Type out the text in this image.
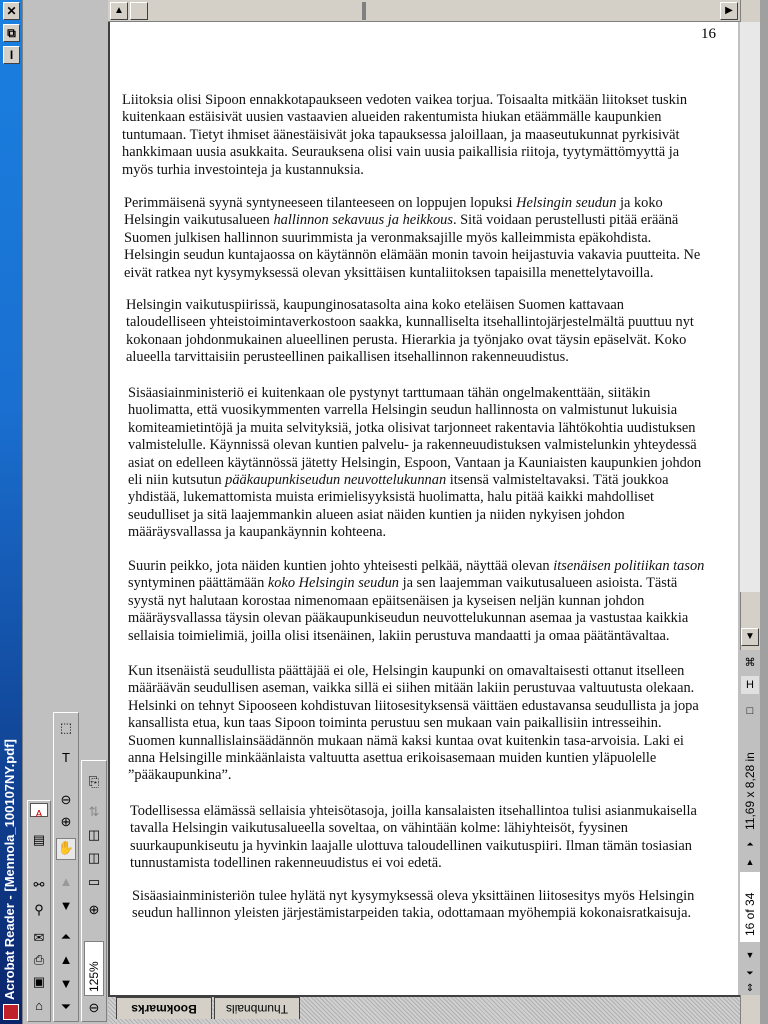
✕
⧉
I
Acrobat Reader - [Mennola_100107NY.pdf]	A
▤
⚯
⚲
✉
⎙
▣
⌂
⬚
T
⊖
⊕
✋
▲
▼
⏶
▲
▼
⏷
⎘
⇅
◫
◫
▭
⊕
125%
⊖
▲	▶
16
Liitoksia olisi Sipoon ennakkotapaukseen vedoten vaikea torjua. Toisaalta mitkään liitokset tuskin
kuitenkaan estäisivät uusien vastaavien alueiden rakentumista hiukan etäämmälle kaupunkien
tuntumaan. Tietyt ihmiset äänestäisivät joka tapauksessa jaloillaan, ja maaseutukunnat pyrkisivät
hankkimaan uusia asukkaita. Seurauksena olisi vain uusia paikallisia riitoja, tyytymättömyyttä ja
myös turhia investointeja ja kustannuksia.
Perimmäisenä syynä syntyneeseen tilanteeseen on loppujen lopuksi Helsingin seudun ja koko
Helsingin vaikutusalueen hallinnon sekavuus ja heikkous. Sitä voidaan perustellusti pitää eräänä
Suomen julkisen hallinnon suurimmista ja veronmaksajille myös kalleimmista epäkohdista.
Helsingin seudun kuntajaossa on käytännön elämään monin tavoin heijastuvia vakavia puutteita. Ne
eivät ratkea nyt kysymyksessä olevan yksittäisen kuntaliitoksen tapaisilla menettelytavoilla.
Helsingin vaikutuspiirissä, kaupunginosatasolta aina koko eteläisen Suomen kattavaan
taloudelliseen yhteistoimintaverkostoon saakka, kunnalliselta itsehallintojärjestelmältä puuttuu nyt
kokonaan johdonmukainen alueellinen perusta. Hierarkia ja työnjako ovat täysin epäselvät. Koko
alueella tarvittaisiin perusteellinen paikallisen itsehallinnon rakenneuudistus.
Sisäasiainministeriö ei kuitenkaan ole pystynyt tarttumaan tähän ongelmakenttään, siitäkin
huolimatta, että vuosikymmenten varrella Helsingin seudun hallinnosta on valmistunut lukuisia
komiteamietintöjä ja muita selvityksiä, jotka olisivat tarjonneet rakentavia lähtökohtia uudistuksen
valmistelulle. Käynnissä olevan kuntien palvelu- ja rakenneuudistuksen valmistelunkin yhteydessä
asiat on edelleen käytännössä jätetty Helsingin, Espoon, Vantaan ja Kauniaisten kaupunkien johdon
eli niin kutsutun pääkaupunkiseudun neuvottelukunnan itsensä valmisteltavaksi. Tätä joukkoa
yhdistää, lukemattomista muista erimielisyyksistä huolimatta, halu pitää kaikki mahdolliset
seudulliset ja sitä laajemmankin alueen asiat näiden kuntien ja niiden nykyisen johdon
määräysvallassa ja kaupankäynnin kohteena.
Suurin peikko, jota näiden kuntien johto yhteisesti pelkää, näyttää olevan itsenäisen politiikan tason
syntyminen päättämään koko Helsingin seudun ja sen laajemman vaikutusalueen asioista. Tästä
syystä nyt halutaan korostaa nimenomaan epäitsenäisen ja kyseisen neljän kunnan johdon
määräysvallassa täysin olevan pääkaupunkiseudun neuvottelukunnan asemaa ja vastustaa kaikkia
sellaisia toimielimiä, joilla olisi itsenäinen, lakiin perustuva mandaatti ja omaa päätäntävaltaa.
Kun itsenäistä seudullista päättäjää ei ole, Helsingin kaupunki on omavaltaisesti ottanut itselleen
määräävän seudullisen aseman, vaikka sillä ei siihen mitään lakiin perustuvaa valtuutusta olekaan.
Helsinki on tehnyt Sipooseen kohdistuvan liitosesityksensä väittäen edustavansa seudullista ja jopa
kansallista etua, kun taas Sipoon toiminta perustuu sen mukaan vain paikallisiin intresseihin.
Suomen kunnallislainsäädännön mukaan nämä kaksi kuntaa ovat kuitenkin tasa-arvoisia. Laki ei
anna Helsingille minkäänlaista valtuutta asettua erikoisasemaan muiden kuntien yläpuolelle
”pääkaupunkina”.
Todellisessa elämässä sellaisia yhteisötasoja, joilla kansalaisten itsehallintoa tulisi asianmukaisella
tavalla Helsingin vaikutusalueella soveltaa, on vähintään kolme: lähiyhteisöt, fyysinen
suurkaupunkiseutu ja hyvinkin laajalle ulottuva taloudellinen vaikutuspiiri. Ilman tämän tosiasian
tunnustamista todellinen rakenneuudistus ei voi edetä.
Sisäasiainministeriön tulee hylätä nyt kysymyksessä oleva yksittäinen liitosesitys myös Helsingin
seudun hallinnon yleisten järjestämistarpeiden takia, odottamaan myöhempiä kokonaisratkaisuja.
▼
⌘
H
□
11,69 x 8,28 in
⏶
▲
16 of 34
▼
⏷
⇕
Bookmarks	Thumbnails
